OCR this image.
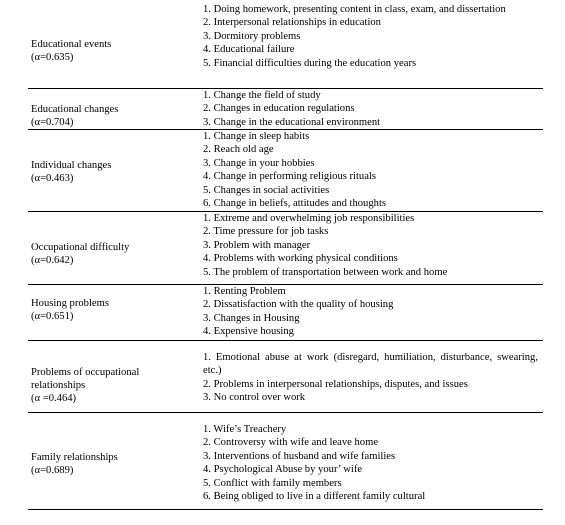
Educational events
(α=0.635)
1. Doing homework, presenting content in class, exam, and dissertation
2. Interpersonal relationships in education
3. Dormitory problems
4. Educational failure
5. Financial difficulties during the education years
Educational changes
(α=0.704)
1. Change the field of study
2. Changes in education regulations
3. Change in the educational environment
Individual changes
(α=0.463)
1. Change in sleep habits
2. Reach old age
3. Change in your hobbies
4. Change in performing religious rituals
5. Changes in social activities
6. Change in beliefs, attitudes and thoughts
Occupational difficulty
(α=0.642)
1. Extreme and overwhelming job responsibilities
2. Time pressure for job tasks
3. Problem with manager
4. Problems with working physical conditions
5. The problem of transportation between work and home
Housing problems
(α=0.651)
1. Renting Problem
2. Dissatisfaction with the quality of housing
3. Changes in Housing
4. Expensive housing
Problems of occupational relationships
(α =0.464)
1. Emotional abuse at work (disregard, humiliation, disturbance, swearing, etc.)
2. Problems in interpersonal relationships, disputes, and issues
3. No control over work
Family relationships
(α=0.689)
1. Wife’s Treachery
2. Controversy with wife and leave home
3. Interventions of husband and wife families
4. Psychological Abuse by your’ wife
5. Conflict with family members
6. Being obliged to live in a different family cultural
